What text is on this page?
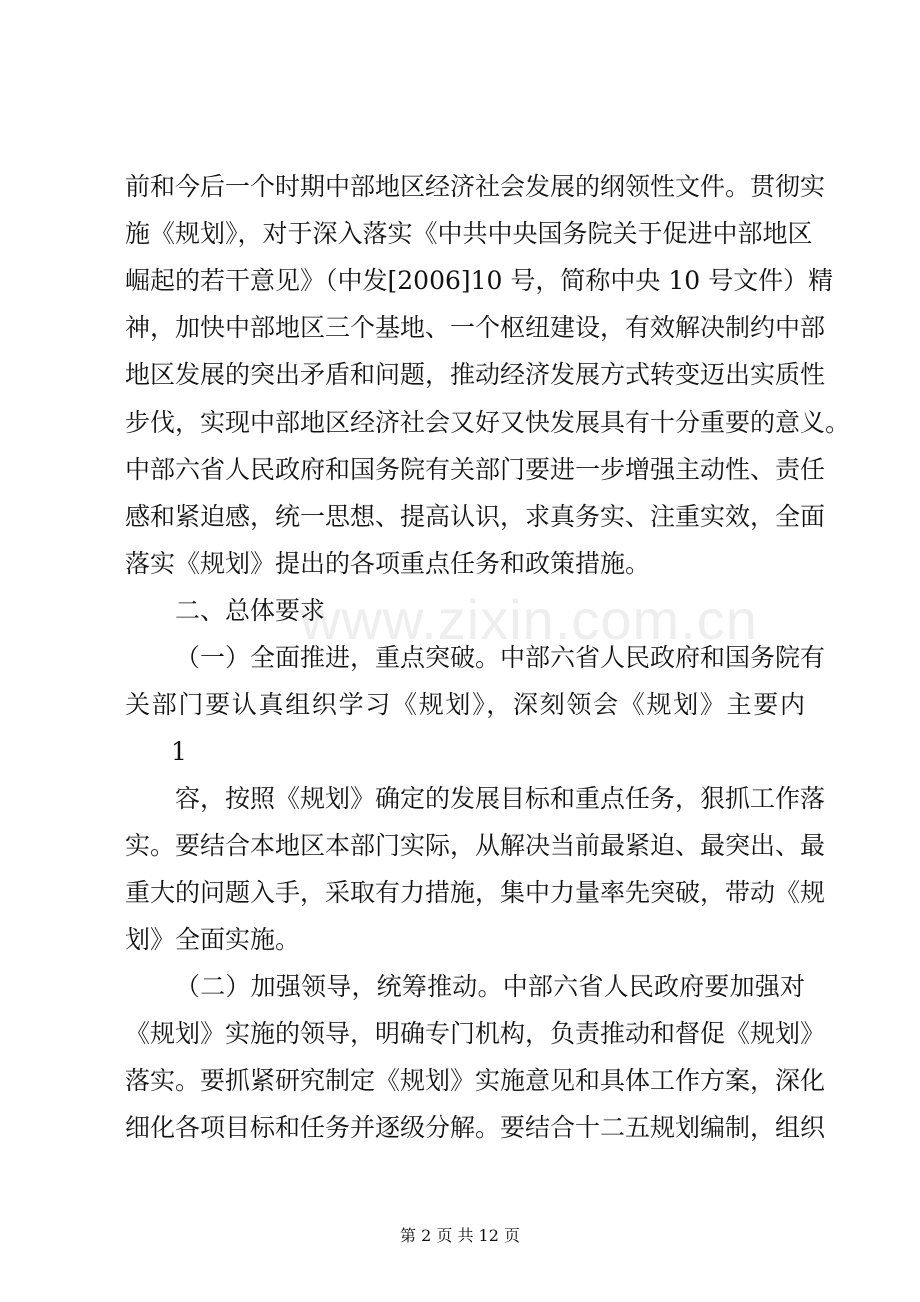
前和今后一个时期中部地区经济社会发展的纲领性文件。贯彻实
施《规划》，对于深入落实《中共中央国务院关于促进中部地区
崛起的若干意见》（中发[2006]10 号，简称中央 10 号文件）精
神，加快中部地区三个基地、一个枢纽建设，有效解决制约中部
地区发展的突出矛盾和问题，推动经济发展方式转变迈出实质性
步伐，实现中部地区经济社会又好又快发展具有十分重要的意义。
中部六省人民政府和国务院有关部门要进一步增强主动性、责任
感和紧迫感，统一思想、提高认识，求真务实、注重实效，全面
落实《规划》提出的各项重点任务和政策措施。
二、总体要求
（一）全面推进，重点突破。中部六省人民政府和国务院有
关部门要认真组织学习《规划》，深刻领会《规划》主要内
1
容，按照《规划》确定的发展目标和重点任务，狠抓工作落
实。要结合本地区本部门实际，从解决当前最紧迫、最突出、最
重大的问题入手，采取有力措施，集中力量率先突破，带动《规
划》全面实施。
（二）加强领导，统筹推动。中部六省人民政府要加强对
《规划》实施的领导，明确专门机构，负责推动和督促《规划》
落实。要抓紧研究制定《规划》实施意见和具体工作方案，深化
细化各项目标和任务并逐级分解。要结合十二五规划编制，组织
www.zixin.com.cn
第 2 页 共 12 页
